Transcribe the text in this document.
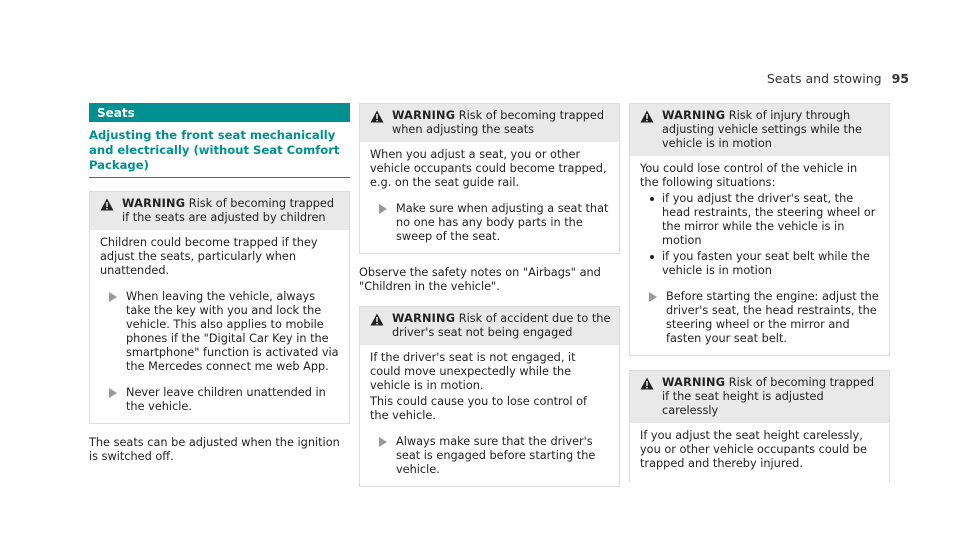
Seats and stowing 95
Seats
Adjusting the front seat mechanically and electrically (without Seat Comfort Package)
WARNING Risk of becoming trapped if the seats are adjusted by children

Children could become trapped if they adjust the seats, particularly when unattended.

When leaving the vehicle, always take the key with you and lock the vehicle. This also applies to mobile phones if the "Digital Car Key in the smartphone" function is activated via the Mercedes connect me web App.
Never leave children unattended in the vehicle.

The seats can be adjusted when the ignition is switched off.

WARNING Risk of becoming trapped when adjusting the seats

When you adjust a seat, you or other vehicle occupants could become trapped, e.g. on the seat guide rail.

Make sure when adjusting a seat that no one has any body parts in the sweep of the seat.

Observe the safety notes on "Airbags" and "Children in the vehicle".

WARNING Risk of accident due to the driver's seat not being engaged

If the driver's seat is not engaged, it could move unexpectedly while the vehicle is in motion.

This could cause you to lose control of the vehicle.

Always make sure that the driver's seat is engaged before starting the vehicle.
WARNING Risk of injury through adjusting vehicle settings while the vehicle is in motion

You could lose control of the vehicle in the following situations:

if you adjust the driver's seat, the head restraints, the steering wheel or the mirror while the vehicle is in motion
if you fasten your seat belt while the vehicle is in motion
Before starting the engine: adjust the driver's seat, the head restraints, the steering wheel or the mirror and fasten your seat belt.
WARNING Risk of becoming trapped if the seat height is adjusted carelessly

If you adjust the seat height carelessly, you or other vehicle occupants could be trapped and thereby injured.
